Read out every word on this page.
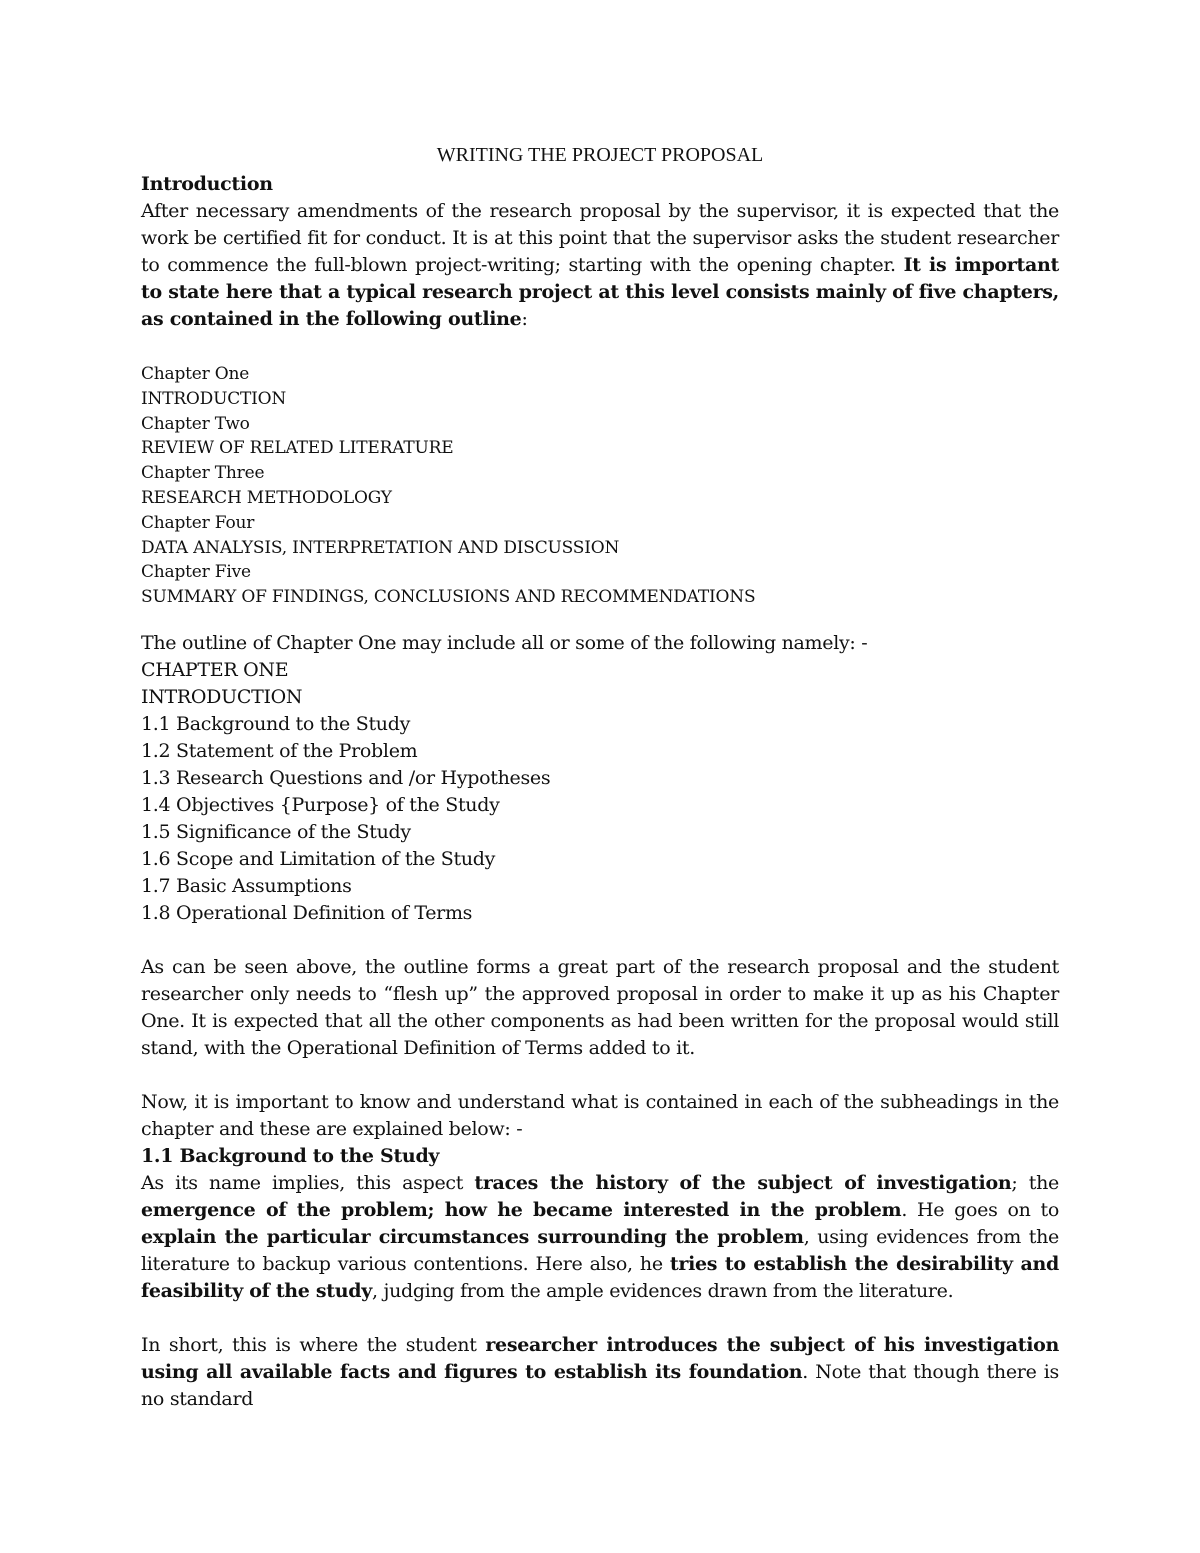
WRITING THE PROJECT PROPOSAL
Introduction

After necessary amendments of the research proposal by the supervisor, it is expected that the work be certified fit for conduct. It is at this point that the supervisor asks the student researcher to commence the full-blown project-writing; starting with the opening chapter. It is important to state here that a typical research project at this level consists mainly of five chapters, as contained in the following outline:

Chapter One
INTRODUCTION
Chapter Two
REVIEW OF RELATED LITERATURE
Chapter Three
RESEARCH METHODOLOGY
Chapter Four
DATA ANALYSIS, INTERPRETATION AND DISCUSSION
Chapter Five
SUMMARY OF FINDINGS, CONCLUSIONS AND RECOMMENDATIONS
The outline of Chapter One may include all or some of the following namely: -
CHAPTER ONE
INTRODUCTION
1.1 Background to the Study
1.2 Statement of the Problem
1.3 Research Questions and /or Hypotheses
1.4 Objectives {Purpose} of the Study
1.5 Significance of the Study
1.6 Scope and Limitation of the Study
1.7 Basic Assumptions
1.8 Operational Definition of Terms

As can be seen above, the outline forms a great part of the research proposal and the student researcher only needs to “flesh up” the approved proposal in order to make it up as his Chapter One. It is expected that all the other components as had been written for the proposal would still stand, with the Operational Definition of Terms added to it.

Now, it is important to know and understand what is contained in each of the subheadings in the chapter and these are explained below: -

1.1 Background to the Study

As its name implies, this aspect traces the history of the subject of investigation; the emergence of the problem; how he became interested in the problem. He goes on to explain the particular circumstances surrounding the problem, using evidences from the literature to backup various contentions. Here also, he tries to establish the desirability and feasibility of the study, judging from the ample evidences drawn from the literature.

In short, this is where the student researcher introduces the subject of his investigation using all available facts and figures to establish its foundation. Note that though there is no standard
